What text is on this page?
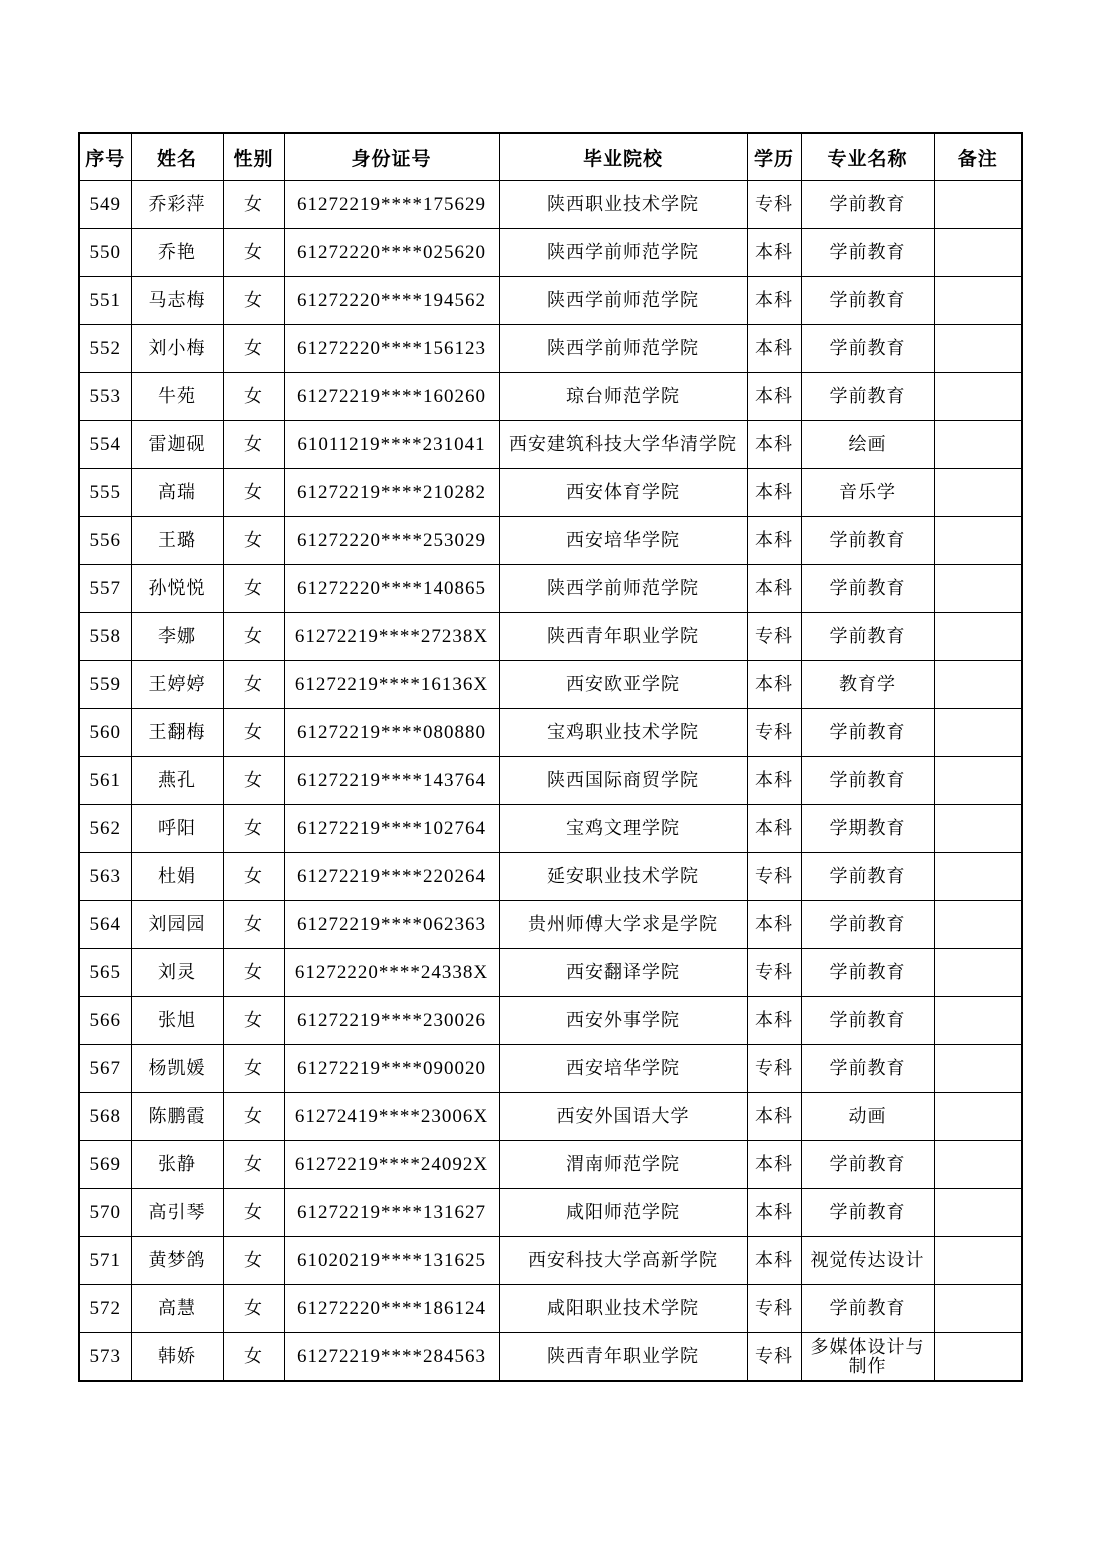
序号	姓名	性别	身份证号	毕业院校	学历	专业名称	备注
549	乔彩萍	女	61272219****175629	陕西职业技术学院	专科	学前教育	
550	乔艳	女	61272220****025620	陕西学前师范学院	本科	学前教育	
551	马志梅	女	61272220****194562	陕西学前师范学院	本科	学前教育	
552	刘小梅	女	61272220****156123	陕西学前师范学院	本科	学前教育	
553	牛苑	女	61272219****160260	琼台师范学院	本科	学前教育	
554	雷迦砚	女	61011219****231041	西安建筑科技大学华清学院	本科	绘画	
555	高瑞	女	61272219****210282	西安体育学院	本科	音乐学	
556	王璐	女	61272220****253029	西安培华学院	本科	学前教育	
557	孙悦悦	女	61272220****140865	陕西学前师范学院	本科	学前教育	
558	李娜	女	61272219****27238X	陕西青年职业学院	专科	学前教育	
559	王婷婷	女	61272219****16136X	西安欧亚学院	本科	教育学	
560	王翻梅	女	61272219****080880	宝鸡职业技术学院	专科	学前教育	
561	燕孔	女	61272219****143764	陕西国际商贸学院	本科	学前教育	
562	呼阳	女	61272219****102764	宝鸡文理学院	本科	学期教育	
563	杜娟	女	61272219****220264	延安职业技术学院	专科	学前教育	
564	刘园园	女	61272219****062363	贵州师傅大学求是学院	本科	学前教育	
565	刘灵	女	61272220****24338X	西安翻译学院	专科	学前教育	
566	张旭	女	61272219****230026	西安外事学院	本科	学前教育	
567	杨凯媛	女	61272219****090020	西安培华学院	专科	学前教育	
568	陈鹏霞	女	61272419****23006X	西安外国语大学	本科	动画	
569	张静	女	61272219****24092X	渭南师范学院	本科	学前教育	
570	高引琴	女	61272219****131627	咸阳师范学院	本科	学前教育	
571	黄梦鸽	女	61020219****131625	西安科技大学高新学院	本科	视觉传达设计	
572	高慧	女	61272220****186124	咸阳职业技术学院	专科	学前教育	
573	韩娇	女	61272219****284563	陕西青年职业学院	专科	多媒体设计与制作	
